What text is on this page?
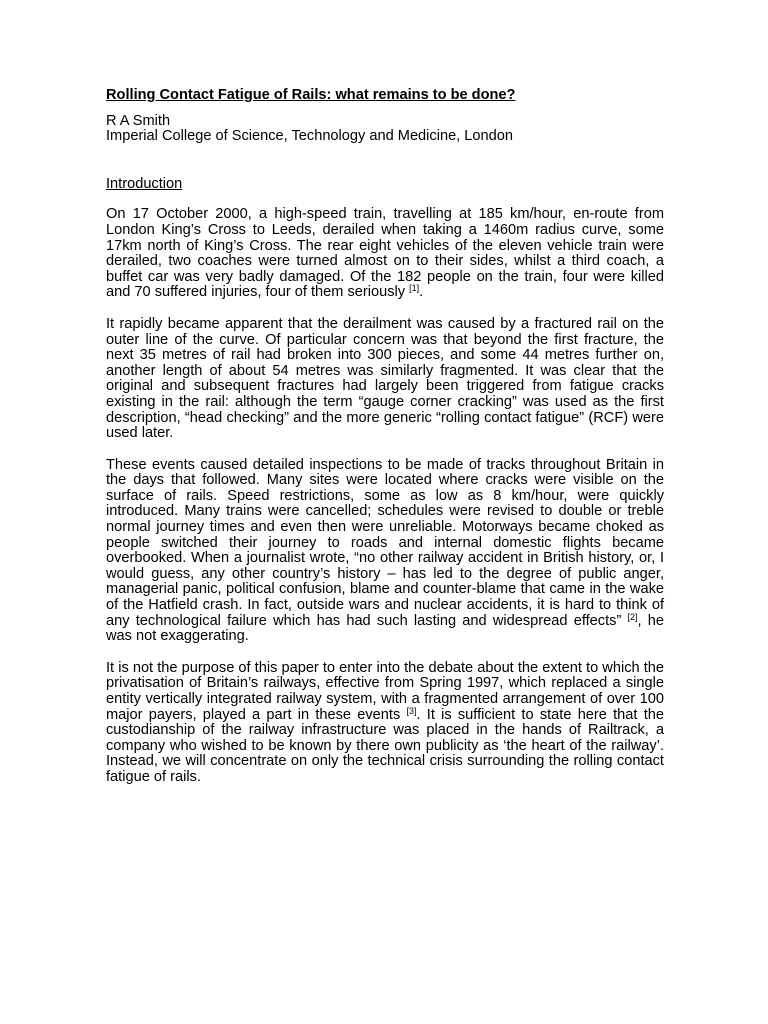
Rolling Contact Fatigue of Rails: what remains to be done?

R A Smith

Imperial College of Science, Technology and Medicine, London

Introduction

On 17 October 2000, a high-speed train, travelling at 185 km/hour, en-route from London King’s Cross to Leeds, derailed when taking a 1460m radius curve, some 17km north of King’s Cross. The rear eight vehicles of the eleven vehicle train were derailed, two coaches were turned almost on to their sides, whilst a third coach, a buffet car was very badly damaged. Of the 182 people on the train, four were killed and 70 suffered injuries, four of them seriously [1].

It rapidly became apparent that the derailment was caused by a fractured rail on the outer line of the curve. Of particular concern was that beyond the first fracture, the next 35 metres of rail had broken into 300 pieces, and some 44 metres further on, another length of about 54 metres was similarly fragmented. It was clear that the original and subsequent fractures had largely been triggered from fatigue cracks existing in the rail: although the term “gauge corner cracking” was used as the first description, “head checking” and the more generic “rolling contact fatigue” (RCF) were used later.

These events caused detailed inspections to be made of tracks throughout Britain in the days that followed. Many sites were located where cracks were visible on the surface of rails. Speed restrictions, some as low as 8 km/hour, were quickly introduced. Many trains were cancelled; schedules were revised to double or treble normal journey times and even then were unreliable. Motorways became choked as people switched their journey to roads and internal domestic flights became overbooked. When a journalist wrote, “no other railway accident in British history, or, I would guess, any other country’s history – has led to the degree of public anger, managerial panic, political confusion, blame and counter-blame that came in the wake of the Hatfield crash. In fact, outside wars and nuclear accidents, it is hard to think of any technological failure which has had such lasting and widespread effects” [2], he was not exaggerating.

It is not the purpose of this paper to enter into the debate about the extent to which the privatisation of Britain’s railways, effective from Spring 1997, which replaced a single entity vertically integrated railway system, with a fragmented arrangement of over 100 major payers, played a part in these events [3]. It is sufficient to state here that the custodianship of the railway infrastructure was placed in the hands of Railtrack, a company who wished to be known by there own publicity as ‘the heart of the railway’. Instead, we will concentrate on only the technical crisis surrounding the rolling contact fatigue of rails.
